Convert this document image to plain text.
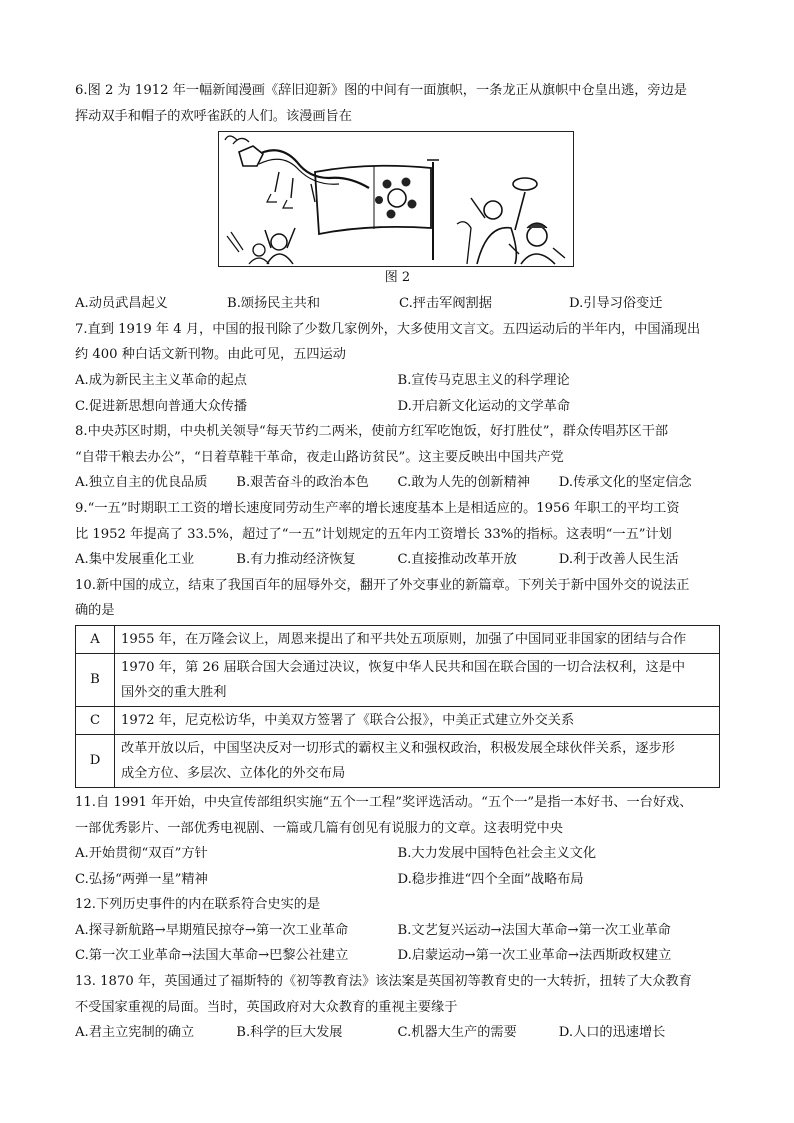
6.图 2 为 1912 年一幅新闻漫画《辞旧迎新》图的中间有一面旗帜，一条龙正从旗帜中仓皇出逃，旁边是
挥动双手和帽子的欢呼雀跃的人们。该漫画旨在
图 2
A.动员武昌起义	B.颂扬民主共和	C.抨击军阀割据	D.引导习俗变迁
7.直到 1919 年 4 月，中国的报刊除了少数几家例外，大多使用文言文。五四运动后的半年内，中国涌现出
约 400 种白话文新刊物。由此可见，五四运动
A.成为新民主主义革命的起点	B.宣传马克思主义的科学理论
C.促进新思想向普通大众传播	D.开启新文化运动的文学革命
8.中央苏区时期，中央机关领导“每天节约二两米，使前方红军吃饱饭，好打胜仗”，群众传唱苏区干部
“自带干粮去办公”，“日着草鞋干革命，夜走山路访贫民”。这主要反映出中国共产党
A.独立自主的优良品质	B.艰苦奋斗的政治本色	C.敢为人先的创新精神	D.传承文化的坚定信念
9.“一五”时期职工工资的增长速度同劳动生产率的增长速度基本上是相适应的。1956 年职工的平均工资
比 1952 年提高了 33.5%，超过了“一五”计划规定的五年内工资增长 33%的指标。这表明“一五”计划
A.集中发展重化工业	B.有力推动经济恢复	C.直接推动改革开放	D.利于改善人民生活
10.新中国的成立，结束了我国百年的屈辱外交，翻开了外交事业的新篇章。下列关于新中国外交的说法正
确的是
A	1955 年，在万隆会议上，周恩来提出了和平共处五项原则，加强了中国同亚非国家的团结与合作

B	1970 年，第 26 届联合国大会通过决议，恢复中华人民共和国在联合国的一切合法权利，这是中
国外交的重大胜利

C	1972 年，尼克松访华，中美双方签署了《联合公报》，中美正式建立外交关系

D	改革开放以后，中国坚决反对一切形式的霸权主义和强权政治，积极发展全球伙伴关系，逐步形
成全方位、多层次、立体化的外交布局
11.自 1991 年开始，中央宣传部组织实施“五个一工程”奖评选活动。“五个一”是指一本好书、一台好戏、
一部优秀影片、一部优秀电视剧、一篇或几篇有创见有说服力的文章。这表明党中央
A.开始贯彻“双百”方针	B.大力发展中国特色社会主义文化
C.弘扬“两弹一星”精神	D.稳步推进“四个全面”战略布局
12.下列历史事件的内在联系符合史实的是
A.探寻新航路→早期殖民掠夺→第一次工业革命	B.文艺复兴运动→法国大革命→第一次工业革命
C.第一次工业革命→法国大革命→巴黎公社建立	D.启蒙运动→第一次工业革命→法西斯政权建立
13. 1870 年，英国通过了福斯特的《初等教育法》该法案是英国初等教育史的一大转折，扭转了大众教育
不受国家重视的局面。当时，英国政府对大众教育的重视主要缘于
A.君主立宪制的确立	B.科学的巨大发展	C.机器大生产的需要	D.人口的迅速增长
